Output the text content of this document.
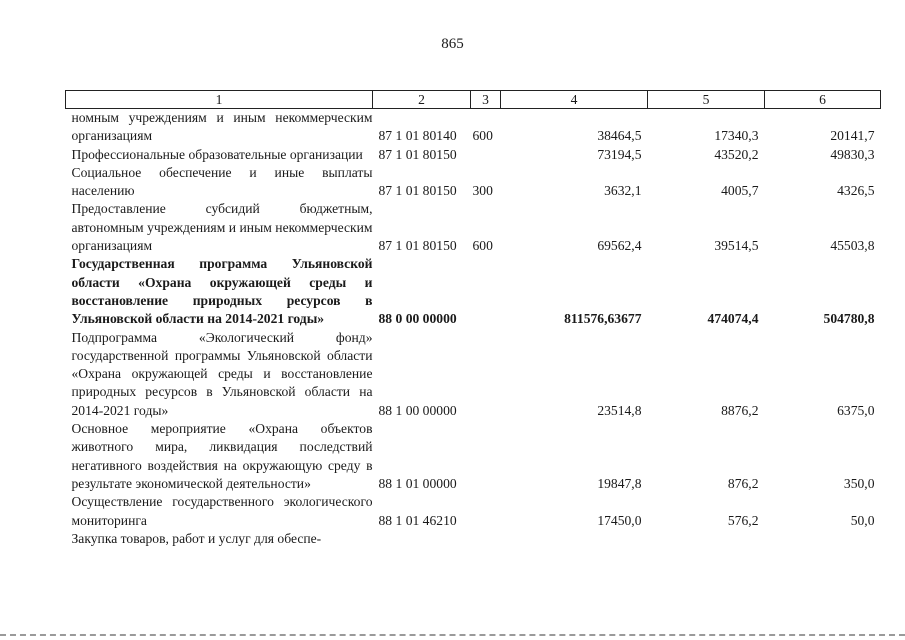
865
1	2	3	4	5	6
номным учреждениям и иным некоммерческим организациям	87 1 01 80140	600	38464,5	17340,3	20141,7
Профессиональные образовательные организации	87 1 01 80150		73194,5	43520,2	49830,3
Социальное обеспечение и иные выплаты населению	87 1 01 80150	300	3632,1	4005,7	4326,5
Предоставление субсидий бюджетным, автономным учреждениям и иным некоммерческим организациям	87 1 01 80150	600	69562,4	39514,5	45503,8
Государственная программа Ульяновской области «Охрана окружающей среды и восстановление природных ресурсов в Ульяновской области на 2014-2021 годы»	88 0 00 00000		811576,63677	474074,4	504780,8
Подпрограмма «Экологический фонд» государственной программы Ульяновской области «Охрана окружающей среды и восстановление природных ресурсов в Ульяновской области на 2014-2021 годы»	88 1 00 00000		23514,8	8876,2	6375,0
Основное мероприятие «Охрана объектов животного мира, ликвидация последствий негативного воздействия на окружающую среду в результате экономической деятельности»	88 1 01 00000		19847,8	876,2	350,0
Осуществление государственного экологического мониторинга	88 1 01 46210		17450,0	576,2	50,0
Закупка товаров, работ и услуг для обеспе-					
